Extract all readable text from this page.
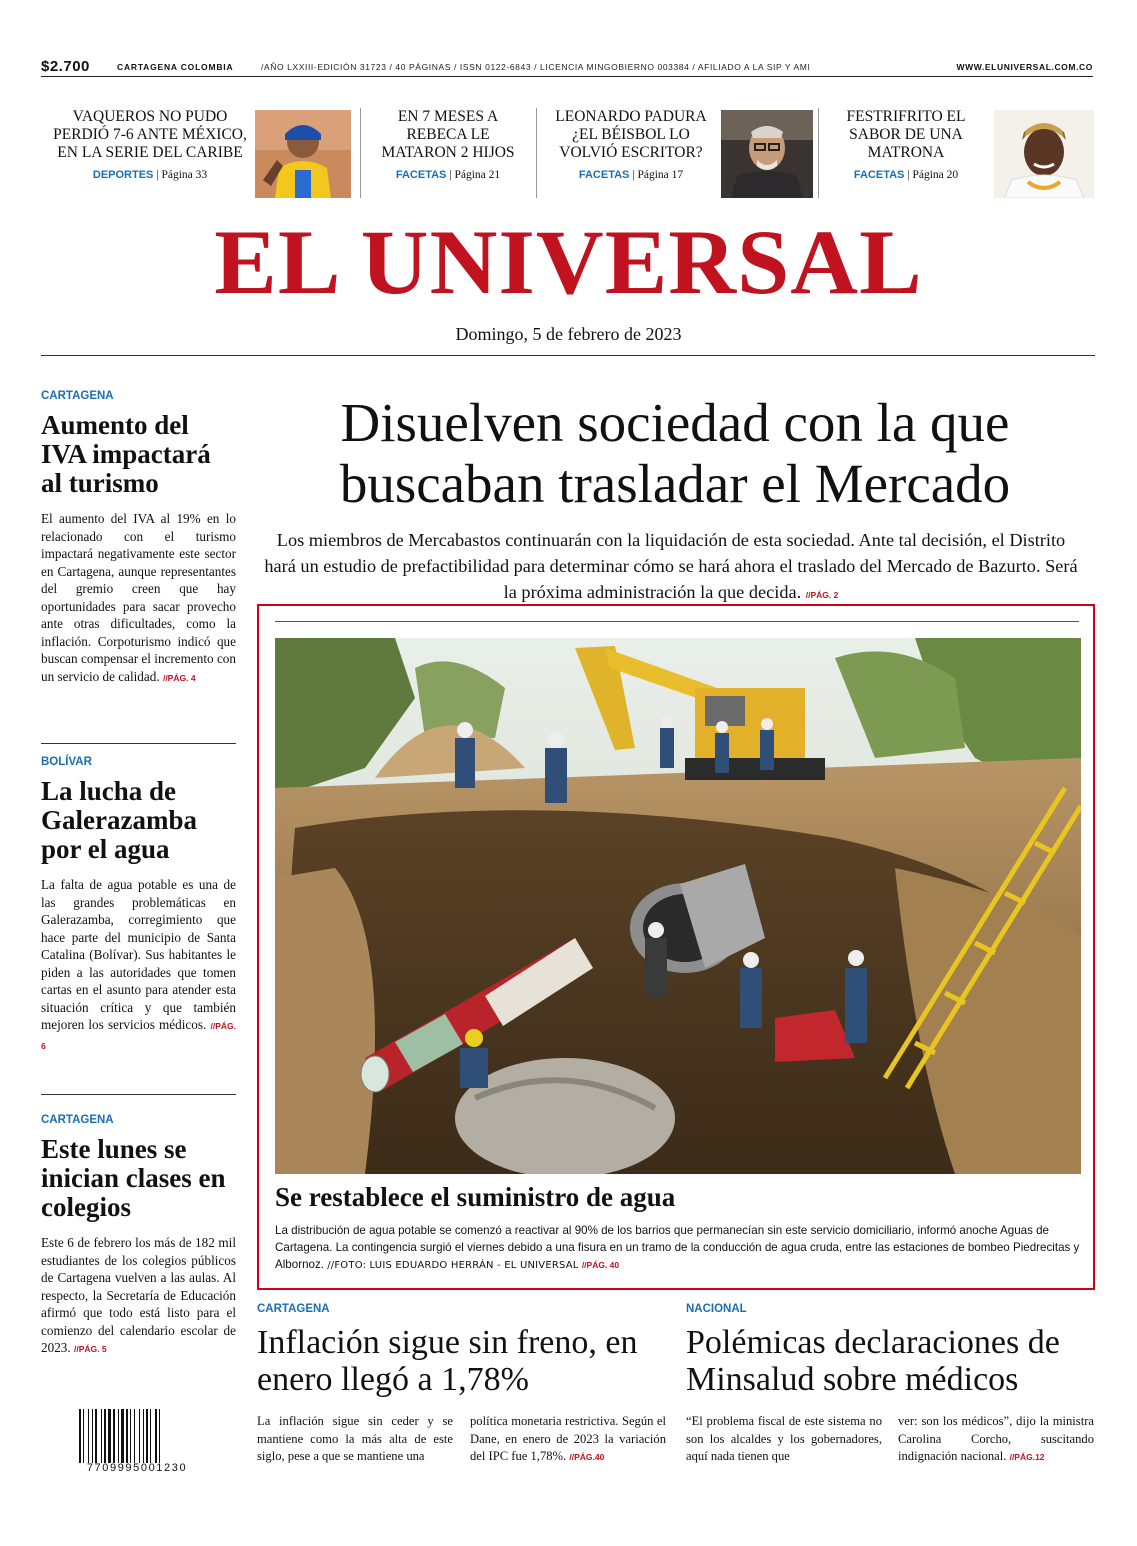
$2.700	CARTAGENA COLOMBIA	/AÑO LXXIII-EDICIÓN 31723 / 40 PÁGINAS / ISSN 0122-6843 / LICENCIA MINGOBIERNO 003384 / AFILIADO A LA SIP Y AMI	WWW.ELUNIVERSAL.COM.CO
VAQUEROS NO PUDO PERDIÓ 7-6 ANTE MÉXICO, EN LA SERIE DEL CARIBE
DEPORTES | Página 33
EN 7 MESES A REBECA LE MATARON 2 HIJOS
FACETAS | Página 21
LEONARDO PADURA ¿EL BÉISBOL LO VOLVIÓ ESCRITOR?
FACETAS | Página 17
FESTRIFRITO EL SABOR DE UNA MATRONA
FACETAS | Página 20
EL UNIVERSAL
Domingo, 5 de febrero de 2023
CARTAGENA
Aumento del IVA impactará al turismo
El aumento del IVA al 19% en lo relacionado con el turismo impactará negativamente este sector en Cartagena, aunque representantes del gremio creen que hay oportunidades para sacar provecho ante otras dificultades, como la inflación. Corpoturismo indicó que buscan compensar el incremento con un servicio de calidad. //PÁG. 4
BOLÍVAR
La lucha de Galerazamba por el agua
La falta de agua potable es una de las grandes problemáticas en Galerazamba, corregimiento que hace parte del municipio de Santa Catalina (Bolívar). Sus habitantes le piden a las autoridades que tomen cartas en el asunto para atender esta situación crítica y que también mejoren los servicios médicos. //PÁG. 6
CARTAGENA
Este lunes se inician clases en colegios
Este 6 de febrero los más de 182 mil estudiantes de los colegios públicos de Cartagena vuelven a las aulas. Al respecto, la Secretaría de Educación afirmó que todo está listo para el comienzo del calendario escolar de 2023. //PÁG. 5
7709995001230
Disuelven sociedad con la que
buscaban trasladar el Mercado
Los miembros de Mercabastos continuarán con la liquidación de esta sociedad. Ante tal decisión, el Distrito hará un estudio de prefactibilidad para determinar cómo se hará ahora el traslado del Mercado de Bazurto. Será la próxima administración la que decida. //PÁG. 2
Se restablece el suministro de agua
La distribución de agua potable se comenzó a reactivar al 90% de los barrios que permanecían sin este servicio domiciliario, informó anoche Aguas de Cartagena. La contingencia surgió el viernes debido a una fisura en un tramo de la conducción de agua cruda, entre las estaciones de bombeo Piedrecitas y Albornoz. //FOTO: LUIS EDUARDO HERRÁN - EL UNIVERSAL //PÁG. 40
CARTAGENA
Inflación sigue sin freno, en enero llegó a 1,78%
La inflación sigue sin ceder y se mantiene como la más alta de este siglo, pese a que se mantiene una
política monetaria restrictiva. Según el Dane, en enero de 2023 la variación del IPC fue 1,78%. //PÁG.40
NACIONAL
Polémicas declaraciones de Minsalud sobre médicos
“El problema fiscal de este sistema no son los alcaldes y los gobernadores, aquí nada tienen que
ver: son los médicos”, dijo la ministra Carolina Corcho, suscitando indignación nacional. //PÁG.12
